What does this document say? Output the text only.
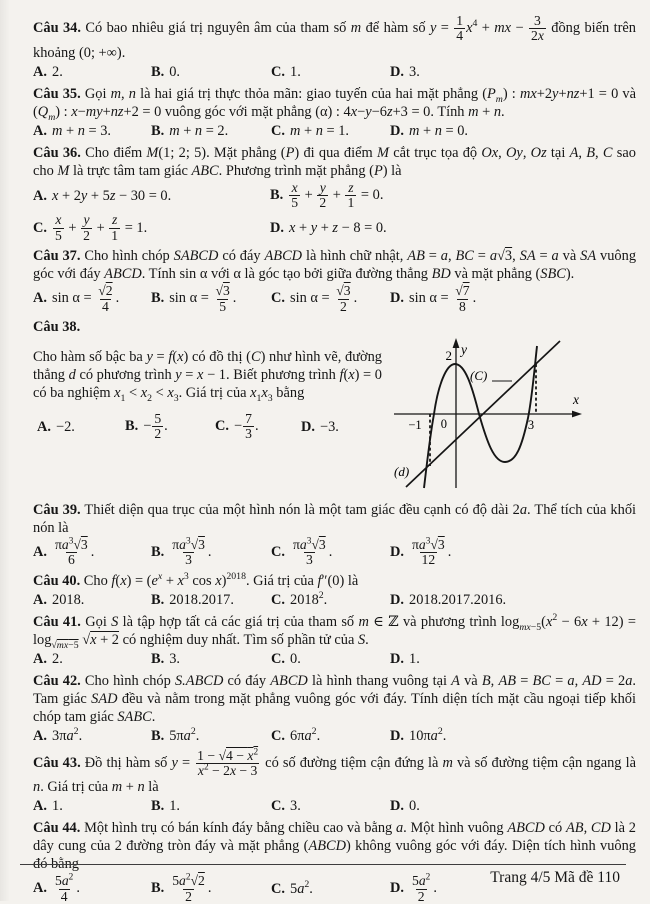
Câu 34. Có bao nhiêu giá trị nguyên âm của tham số m để hàm số $y = \frac{1}{4} x^4$ + mx − $\frac{3}{2x}$ đồng biến trên khoảng (0; +∞).

A. 2.	B. 0.	C. 1.	D. 3.

Câu 35. Gọi m, n là hai giá trị thực thỏa mãn: giao tuyến của hai mặt phẳng $(P_m)$ : mx+2y+nz+1 = 0 và $(Q_m)$ : x−my+nz+2 = 0 vuông góc với mặt phẳng (α) : 4x−y−6z+3 = 0. Tính m + n.

A. m + n = 3.	B. m + n = 2.	C. m + n = 1.	D. m + n = 0.

Câu 36. Cho điểm M(1; 2; 5). Mặt phẳng (P) đi qua điểm M cắt trục tọa độ Ox, Oy, Oz tại A, B, C sao cho M là trực tâm tam giác ABC. Phương trình mặt phẳng (P) là

A. x + 2y + 5z − 30 = 0.	B. $\frac{x}{5} + \frac{y}{2} + \frac{z}{1} = 0$.
C. $\frac{x}{5} + \frac{y}{2} + \frac{z}{1} = 1$.	D. x + y + z − 8 = 0.

Câu 37. Cho hình chóp SABCD có đáy ABCD là hình chữ nhật, AB = a, BC = a√3, SA = a và SA vuông góc với đáy ABCD. Tính sin α với α là góc tạo bởi giữa đường thẳng BD và mặt phẳng (SBC).

A. $\sin \alpha = \frac{√2}{4}$ .	B. $\sin \alpha = \frac{√3}{5}$ .	C. $\sin \alpha = \frac{√3}{2}$ .	D. $\sin \alpha = \frac{√7}{8}$ .

Câu 38.

Cho hàm số bậc ba y = f(x) có đồ thị (C) như hình vẽ, đường thẳng d có phương trình y = x − 1. Biết phương trình f(x) = 0 có ba nghiệm $x_1 < x_2 < x_3$. Giá trị của $x_1x_3$ bằng

A. −2.	B. − $\frac{5}{2}$ .	C. − $\frac{7}{3}$ .	D. −3.
2 y
(C)
x
−1 0	3
(d)

Câu 39. Thiết diện qua trục của một hình nón là một tam giác đều cạnh có độ dài 2a. Thể tích của khối nón là

A. $\frac{\pi a^3√3}{6}$ .	B. $\frac{\pi a^3√3}{3}$ .	C. $\frac{\pi a^3√3}{3}$ .	D. $\frac{\pi a^3√3}{12}$ .

Câu 40. Cho $f(x) = (e^x + x^3$ cos x)$^{2018}$. Giá trị của f″(0) là

A. 2018.	B. 2018.2017.	C. 2018$^2$.	D. 2018.2017.2016.

Câu 41. Gọi S là tập hợp tất cả các giá trị của tham số m ∈ ℤ và phương trình $\log_{mx-5}(x^2 - 6x + 12) = \log_{√mx-5} √x + 2$ có nghiệm duy nhất. Tìm số phần tử của S.

A. 2.	B. 3.	C. 0.	D. 1.

Câu 42. Cho hình chóp S.ABCD có đáy ABCD là hình thang vuông tại A và B, AB = BC = a, AD = 2a. Tam giác SAD đều và nằm trong mặt phẳng vuông góc với đáy. Tính diện tích mặt cầu ngoại tiếp khối chóp tam giác SABC.

A. $3\pi a^2$.	B. $5\pi a^2$.	C. $6\pi a^2$.	D. $10\pi a^2$.

Câu 43. Đồ thị hàm số $y = \frac{1 - √4 - x^2}{x^2 - 2x - 3}$ có số đường tiệm cận đứng là m và số đường tiệm cận ngang là n. Giá trị của m + n là

A. 1.	B. 1.	C. 3.	D. 0.

Câu 44. Một hình trụ có bán kính đáy bằng chiều cao và bằng a. Một hình vuông ABCD có AB, CD là 2 dây cung của 2 đường tròn đáy và mặt phẳng (ABCD) không vuông góc với đáy. Diện tích hình vuông đó bằng

A. $\frac{5a^2}{4}$ .	B. $\frac{5a^2√2}{2}$ .	C. $5a^2$.	D. $\frac{5a^2}{2}$ .
Trang 4/5 Mã đề 110
